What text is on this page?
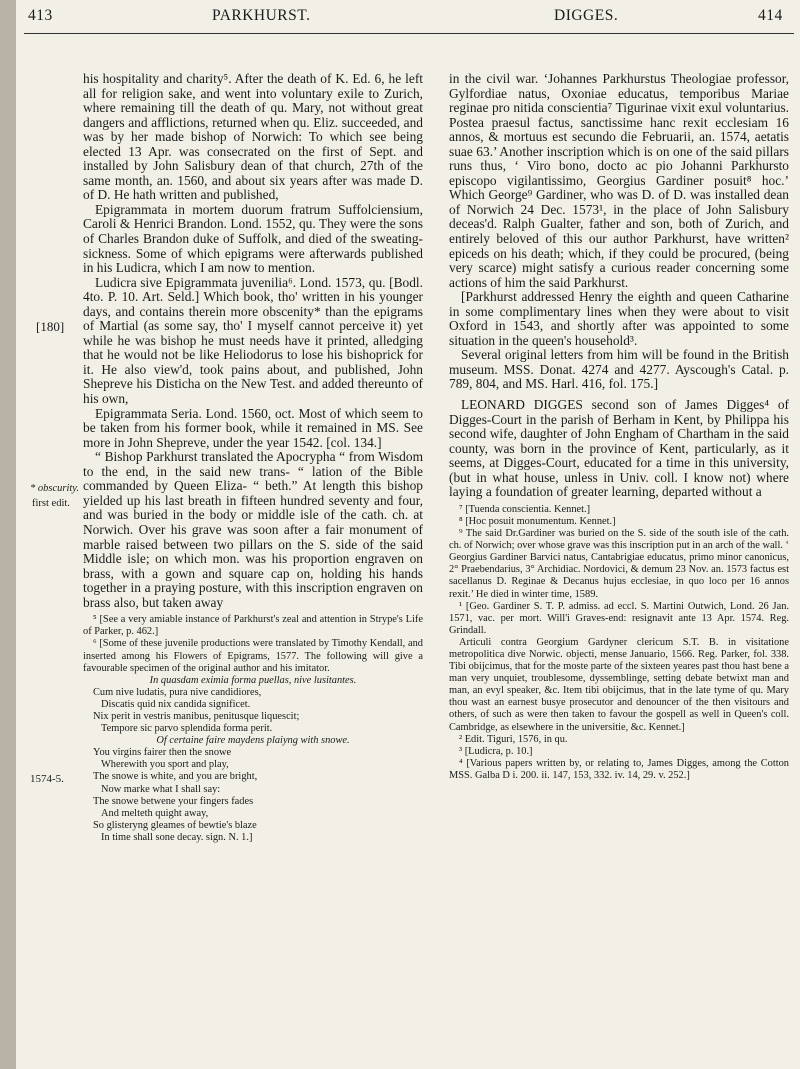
413	PARKHURST.	DIGGES.	414
[180]
* obscurity.
first edit.
1574-5.

his hospitality and charity⁵. After the death of K. Ed. 6, he left all for religion sake, and went into voluntary exile to Zurich, where remaining till the death of qu. Mary, not without great dangers and afflictions, returned when qu. Eliz. succeeded, and was by her made bishop of Norwich: To which see being elected 13 Apr. was consecrated on the first of Sept. and installed by John Salisbury dean of that church, 27th of the same month, an. 1560, and about six years after was made D. of D. He hath written and published,

Epigrammata in mortem duorum fratrum Suffolciensium, Caroli & Henrici Brandon. Lond. 1552, qu. They were the sons of Charles Brandon duke of Suffolk, and died of the sweating-sickness. Some of which epigrams were afterwards published in his Ludicra, which I am now to mention.

Ludicra sive Epigrammata juvenilia⁶. Lond. 1573, qu. [Bodl. 4to. P. 10. Art. Seld.] Which book, tho' written in his younger days, and contains therein more obscenity* than the epigrams of Martial (as some say, tho' I myself cannot perceive it) yet while he was bishop he must needs have it printed, alledging that he would not be like Heliodorus to lose his bishoprick for it. He also view'd, took pains about, and published, John Shepreve his Disticha on the New Test. and added thereunto of his own,

Epigrammata Seria. Lond. 1560, oct. Most of which seem to be taken from his former book, while it remained in MS. See more in John Shepreve, under the year 1542. [col. 134.]

“ Bishop Parkhurst translated the Apocrypha “ from Wisdom to the end, in the said new trans- “ lation of the Bible commanded by Queen Eliza- “ beth.” At length this bishop yielded up his last breath in fifteen hundred seventy and four, and was buried in the body or middle isle of the cath. ch. at Norwich. Over his grave was soon after a fair monument of marble raised between two pillars on the S. side of the said Middle isle; on which mon. was his proportion engraven on brass, with a gown and square cap on, holding his hands together in a praying posture, with this inscription engraven on brass also, but taken away

⁵ [See a very amiable instance of Parkhurst's zeal and attention in Strype's Life of Parker, p. 462.]

⁶ [Some of these juvenile productions were translated by Timothy Kendall, and inserted among his Flowers of Epigrams, 1577. The following will give a favourable specimen of the original author and his imitator.

In quasdam eximia forma puellas, nive lusitantes.

Cum nive ludatis, pura nive candidiores,

Discatis quid nix candida significet.

Nix perit in vestris manibus, penitusque liquescit;

Tempore sic parvo splendida forma perit.

Of certaine faire maydens plaiyng with snowe.

You virgins fairer then the snowe

Wherewith you sport and play,

The snowe is white, and you are bright,

Now marke what I shall say:

The snowe betwene your fingers fades

And melteth quight away,

So glisteryng gleames of bewtie's blaze

In time shall sone decay. sign. N. 1.]

in the civil war. ‘Johannes Parkhurstus Theologiae professor, Gylfordiae natus, Oxoniae educatus, temporibus Mariae reginae pro nitida conscientia⁷ Tigurinae vixit exul voluntarius. Postea praesul factus, sanctissime hanc rexit ecclesiam 16 annos, & mortuus est secundo die Februarii, an. 1574, aetatis suae 63.’ Another inscription which is on one of the said pillars runs thus, ‘ Viro bono, docto ac pio Johanni Parkhursto episcopo vigilantissimo, Georgius Gardiner posuit⁸ hoc.’ Which George⁹ Gardiner, who was D. of D. was installed dean of Norwich 24 Dec. 1573¹, in the place of John Salisbury deceas'd. Ralph Gualter, father and son, both of Zurich, and entirely beloved of this our author Parkhurst, have written² epiceds on his death; which, if they could be procured, (being very scarce) might satisfy a curious reader concerning some actions of him the said Parkhurst.

[Parkhurst addressed Henry the eighth and queen Catharine in some complimentary lines when they were about to visit Oxford in 1543, and shortly after was appointed to some situation in the queen's household³.

Several original letters from him will be found in the British museum. MSS. Donat. 4274 and 4277. Ayscough's Catal. p. 789, 804, and MS. Harl. 416, fol. 175.]

LEONARD DIGGES second son of James Digges⁴ of Digges-Court in the parish of Berham in Kent, by Philippa his second wife, daughter of John Engham of Chartham in the said county, was born in the province of Kent, particularly, as it seems, at Digges-Court, educated for a time in this university, (but in what house, unless in Univ. coll. I know not) where laying a foundation of greater learning, departed without a

⁷ [Tuenda conscientia. Kennet.]

⁸ [Hoc posuit monumentum. Kennet.]

⁹ The said Dr.Gardiner was buried on the S. side of the south isle of the cath. ch. of Norwich; over whose grave was this inscription put in an arch of the wall. ‘ Georgius Gardiner Barvici natus, Cantabrigiae educatus, primo minor canonicus, 2° Praebendarius, 3° Archidiac. Nordovici, & demum 23 Nov. an. 1573 factus est sacellanus D. Reginae & Decanus hujus ecclesiae, in quo loco per 16 annos rexit.’ He died in winter time, 1589.

¹ [Geo. Gardiner S. T. P. admiss. ad eccl. S. Martini Outwich, Lond. 26 Jan. 1571, vac. per mort. Will'i Graves-end: resignavit ante 13 Apr. 1574. Reg. Grindall.

Articuli contra Georgium Gardyner clericum S.T. B. in visitatione metropolitica dive Norwic. objecti, mense Januario, 1566. Reg. Parker, fol. 338. Tibi obijcimus, that for the moste parte of the sixteen yeares past thou hast bene a man very unquiet, troublesome, dyssemblinge, setting debate betwixt man and man, an evyl speaker, &c. Item tibi obijcimus, that in the late tyme of qu. Mary thou wast an earnest busye prosecutor and denouncer of the then visitours and others, of such as were then taken to favour the gospell as well in Queen's coll. Cambridge, as elsewhere in the universitie, &c. Kennet.]

² Edit. Tiguri, 1576, in qu.

³ [Ludicra, p. 10.]

⁴ [Various papers written by, or relating to, James Digges, among the Cotton MSS. Galba D i. 200. ii. 147, 153, 332. iv. 14, 29. v. 252.]
